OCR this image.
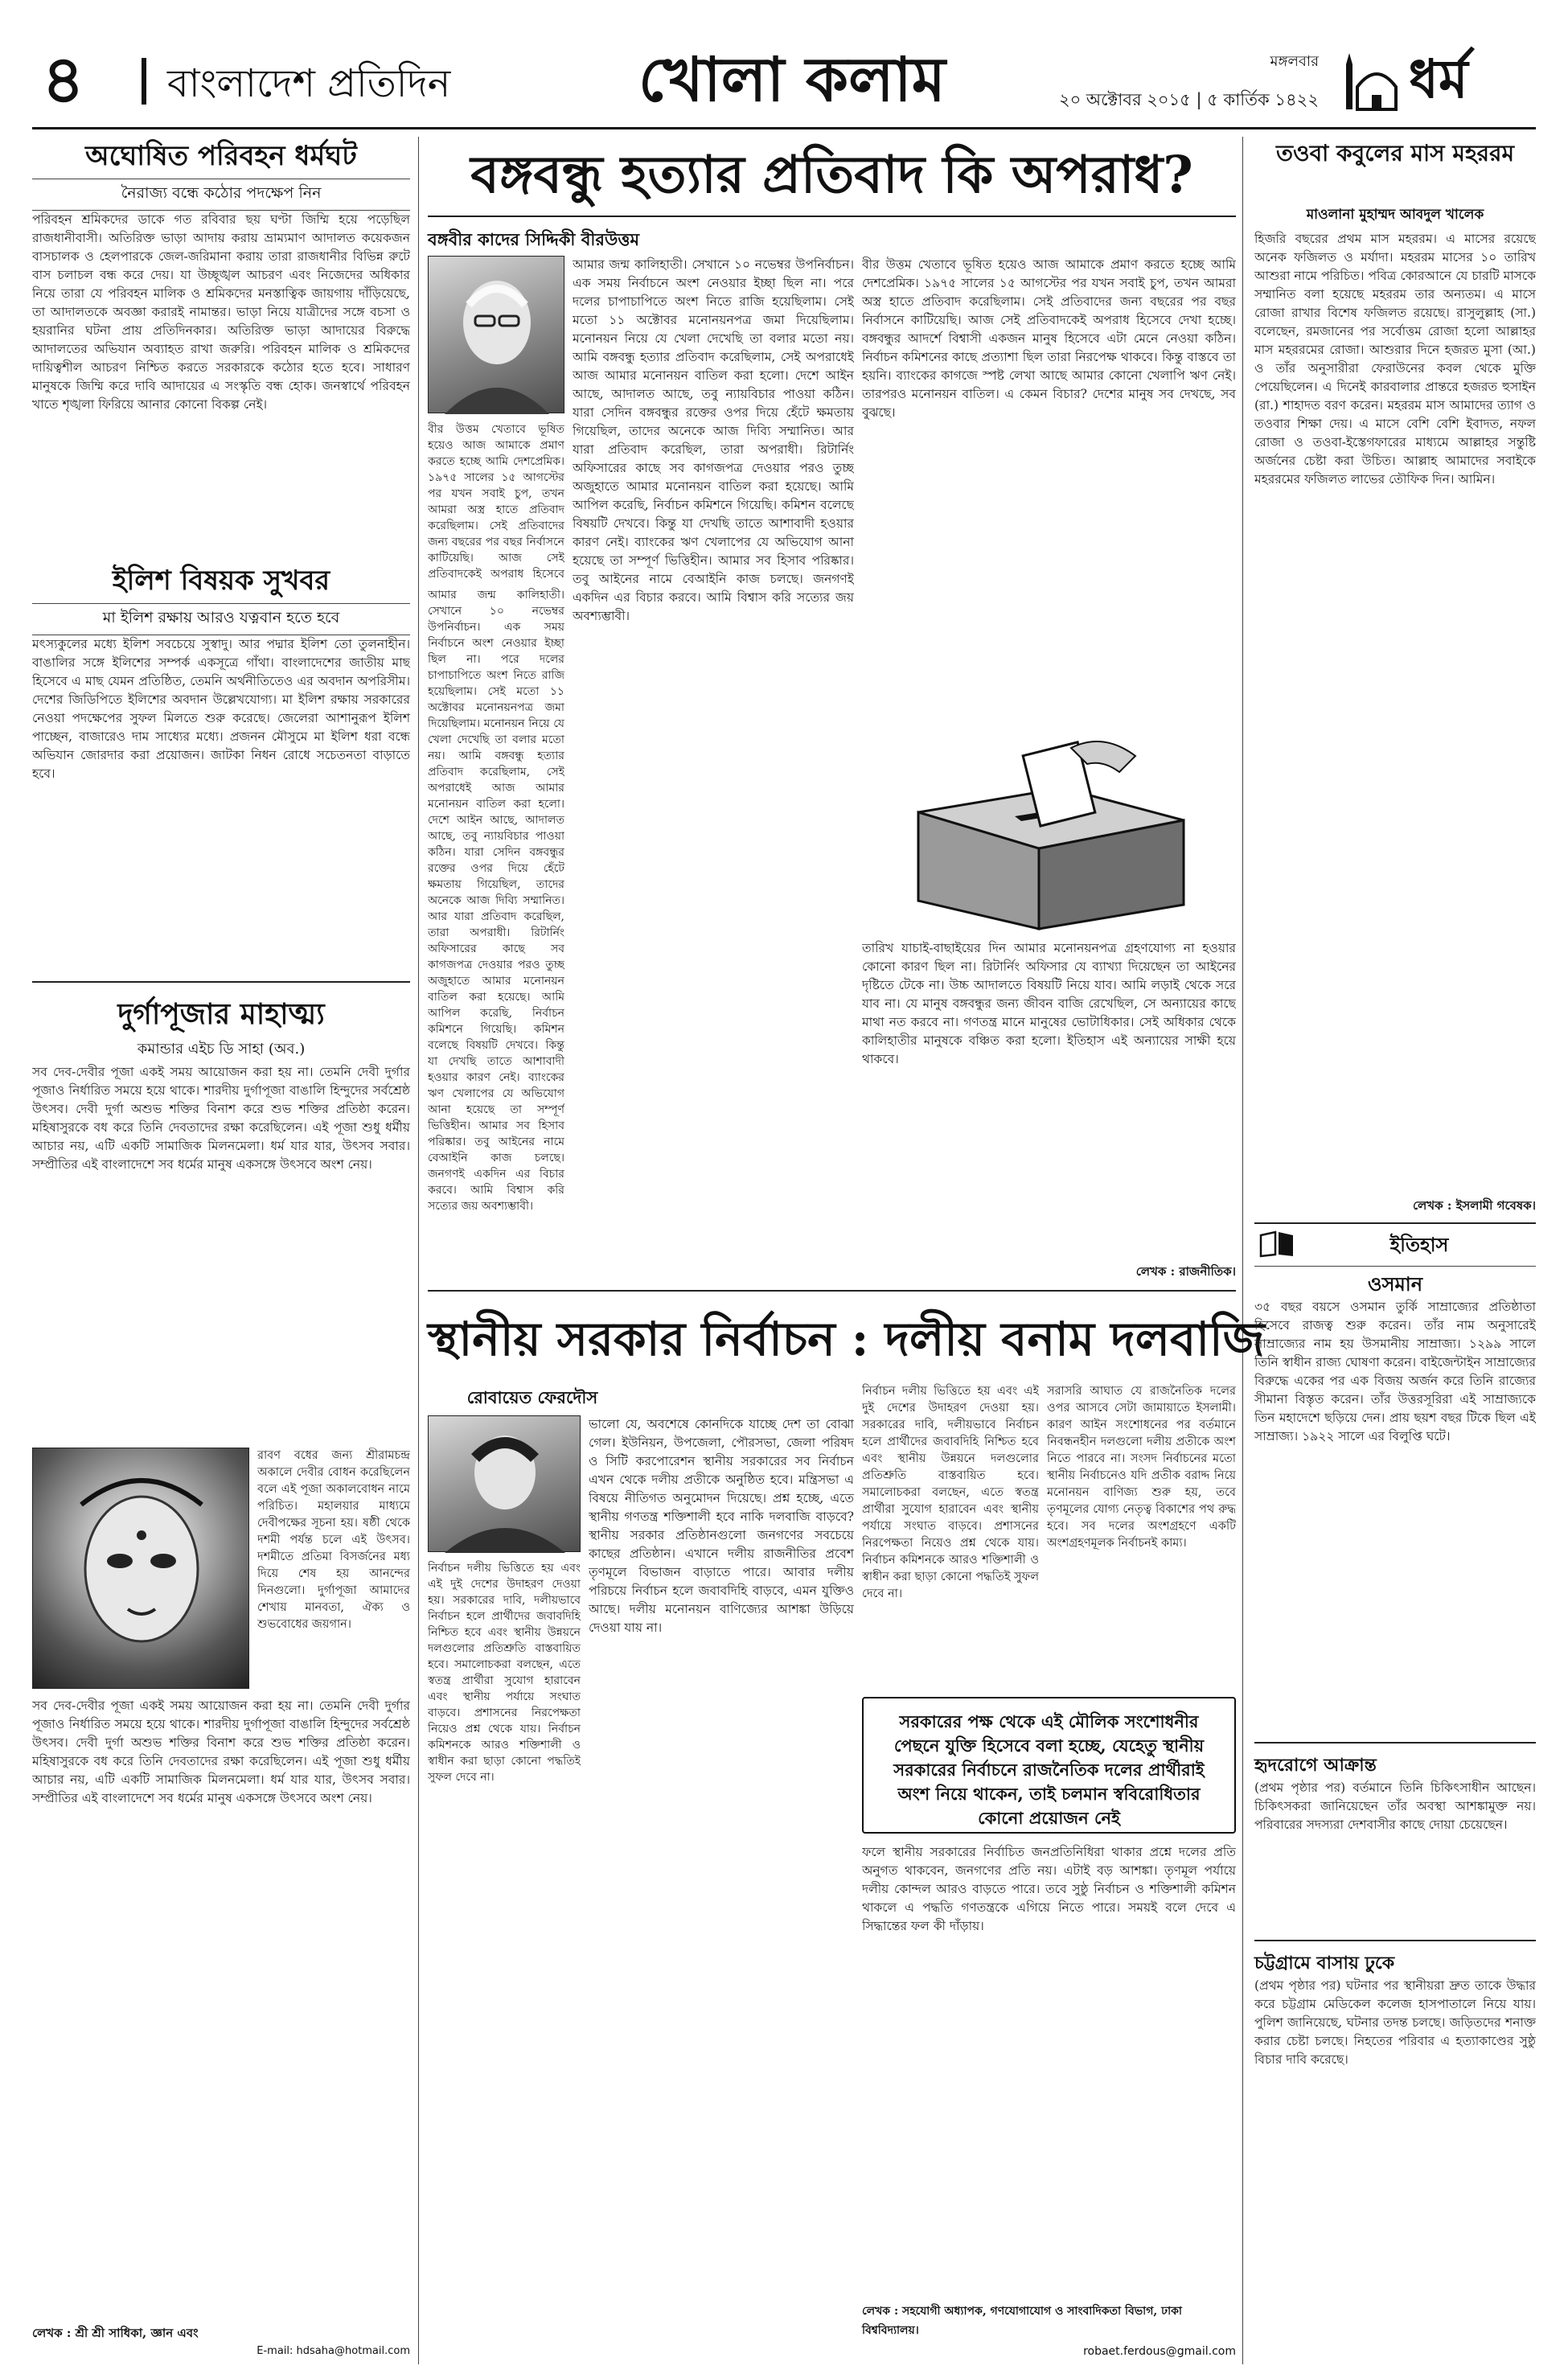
৪ বাংলাদেশ প্রতিদিন	খোলা কলাম	মঙ্গলবার
২০ অক্টোবর ২০১৫ | ৫ কার্তিক ১৪২২ ধর্ম
অঘোষিত পরিবহন ধর্মঘট
নৈরাজ্য বন্ধে কঠোর পদক্ষেপ নিন
পরিবহন শ্রমিকদের ডাকে গত রবিবার ছয় ঘণ্টা জিম্মি হয়ে পড়েছিল রাজধানীবাসী। অতিরিক্ত ভাড়া আদায় করায় ভ্রাম্যমাণ আদালত কয়েকজন বাসচালক ও হেলপারকে জেল-জরিমানা করায় তারা রাজধানীর বিভিন্ন রুটে বাস চলাচল বন্ধ করে দেয়। যা উচ্ছৃঙ্খল আচরণ এবং নিজেদের অধিকার নিয়ে তারা যে পরিবহন মালিক ও শ্রমিকদের মনস্তাত্বিক জায়গায় দাঁড়িয়েছে, তা আদালতকে অবজ্ঞা করারই নামান্তর। ভাড়া নিয়ে যাত্রীদের সঙ্গে বচসা ও হয়রানির ঘটনা প্রায় প্রতিদিনকার। অতিরিক্ত ভাড়া আদায়ের বিরুদ্ধে আদালতের অভিযান অব্যাহত রাখা জরুরি। পরিবহন মালিক ও শ্রমিকদের দায়িত্বশীল আচরণ নিশ্চিত করতে সরকারকে কঠোর হতে হবে। সাধারণ মানুষকে জিম্মি করে দাবি আদায়ের এ সংস্কৃতি বন্ধ হোক। জনস্বার্থে পরিবহন খাতে শৃঙ্খলা ফিরিয়ে আনার কোনো বিকল্প নেই।
ইলিশ বিষয়ক সুখবর
মা ইলিশ রক্ষায় আরও যত্নবান হতে হবে
মৎস্যকুলের মধ্যে ইলিশ সবচেয়ে সুস্বাদু। আর পদ্মার ইলিশ তো তুলনাহীন। বাঙালির সঙ্গে ইলিশের সম্পর্ক একসূত্রে গাঁথা। বাংলাদেশের জাতীয় মাছ হিসেবে এ মাছ যেমন প্রতিষ্ঠিত, তেমনি অর্থনীতিতেও এর অবদান অপরিসীম। দেশের জিডিপিতে ইলিশের অবদান উল্লেখযোগ্য। মা ইলিশ রক্ষায় সরকারের নেওয়া পদক্ষেপের সুফল মিলতে শুরু করেছে। জেলেরা আশানুরূপ ইলিশ পাচ্ছেন, বাজারেও দাম সাধ্যের মধ্যে। প্রজনন মৌসুমে মা ইলিশ ধরা বন্ধে অভিযান জোরদার করা প্রয়োজন। জাটকা নিধন রোধে সচেতনতা বাড়াতে হবে।
দুর্গাপূজার মাহাত্ম্য
কমান্ডার এইচ ডি সাহা (অব.)
সব দেব-দেবীর পূজা একই সময় আয়োজন করা হয় না। তেমনি দেবী দুর্গার পূজাও নির্ধারিত সময়ে হয়ে থাকে। শারদীয় দুর্গাপূজা বাঙালি হিন্দুদের সর্বশ্রেষ্ঠ উৎসব। দেবী দুর্গা অশুভ শক্তির বিনাশ করে শুভ শক্তির প্রতিষ্ঠা করেন। মহিষাসুরকে বধ করে তিনি দেবতাদের রক্ষা করেছিলেন। এই পূজা শুধু ধর্মীয় আচার নয়, এটি একটি সামাজিক মিলনমেলা। ধর্ম যার যার, উৎসব সবার। সম্প্রীতির এই বাংলাদেশে সব ধর্মের মানুষ একসঙ্গে উৎসবে অংশ নেয়।
রাবণ বধের জন্য শ্রীরামচন্দ্র অকালে দেবীর বোধন করেছিলেন বলে এই পূজা অকালবোধন নামে পরিচিত। মহালয়ার মাধ্যমে দেবীপক্ষের সূচনা হয়। ষষ্ঠী থেকে দশমী পর্যন্ত চলে এই উৎসব। দশমীতে প্রতিমা বিসর্জনের মধ্য দিয়ে শেষ হয় আনন্দের দিনগুলো। দুর্গাপূজা আমাদের শেখায় মানবতা, ঐক্য ও শুভবোধের জয়গান।
সব দেব-দেবীর পূজা একই সময় আয়োজন করা হয় না। তেমনি দেবী দুর্গার পূজাও নির্ধারিত সময়ে হয়ে থাকে। শারদীয় দুর্গাপূজা বাঙালি হিন্দুদের সর্বশ্রেষ্ঠ উৎসব। দেবী দুর্গা অশুভ শক্তির বিনাশ করে শুভ শক্তির প্রতিষ্ঠা করেন। মহিষাসুরকে বধ করে তিনি দেবতাদের রক্ষা করেছিলেন। এই পূজা শুধু ধর্মীয় আচার নয়, এটি একটি সামাজিক মিলনমেলা। ধর্ম যার যার, উৎসব সবার। সম্প্রীতির এই বাংলাদেশে সব ধর্মের মানুষ একসঙ্গে উৎসবে অংশ নেয়।
লেখক : শ্রী শ্রী সাধিকা, জ্ঞান এবং
E-mail: hdsaha@hotmail.com
বঙ্গবন্ধু হত্যার প্রতিবাদ কি অপরাধ?
বঙ্গবীর কাদের সিদ্দিকী বীরউত্তম
আমার জন্ম কালিহাতী। সেখানে ১০ নভেম্বর উপনির্বাচন। এক সময় নির্বাচনে অংশ নেওয়ার ইচ্ছা ছিল না। পরে দলের চাপাচাপিতে অংশ নিতে রাজি হয়েছিলাম। সেই মতো ১১ অক্টোবর মনোনয়নপত্র জমা দিয়েছিলাম। মনোনয়ন নিয়ে যে খেলা দেখেছি তা বলার মতো নয়। আমি বঙ্গবন্ধু হত্যার প্রতিবাদ করেছিলাম, সেই অপরাধেই আজ আমার মনোনয়ন বাতিল করা হলো। দেশে আইন আছে, আদালত আছে, তবু ন্যায়বিচার পাওয়া কঠিন। যারা সেদিন বঙ্গবন্ধুর রক্তের ওপর দিয়ে হেঁটে ক্ষমতায় গিয়েছিল, তাদের অনেকে আজ দিব্যি সম্মানিত। আর যারা প্রতিবাদ করেছিল, তারা অপরাধী। রিটার্নিং অফিসারের কাছে সব কাগজপত্র দেওয়ার পরও তুচ্ছ অজুহাতে আমার মনোনয়ন বাতিল করা হয়েছে। আমি আপিল করেছি, নির্বাচন কমিশনে গিয়েছি। কমিশন বলেছে বিষয়টি দেখবে। কিন্তু যা দেখছি তাতে আশাবাদী হওয়ার কারণ নেই। ব্যাংকের ঋণ খেলাপের যে অভিযোগ আনা হয়েছে তা সম্পূর্ণ ভিত্তিহীন। আমার সব হিসাব পরিষ্কার। তবু আইনের নামে বেআইনি কাজ চলছে। জনগণই একদিন এর বিচার করবে। আমি বিশ্বাস করি সত্যের জয় অবশ্যম্ভাবী।
বীর উত্তম খেতাবে ভূষিত হয়েও আজ আমাকে প্রমাণ করতে হচ্ছে আমি দেশপ্রেমিক। ১৯৭৫ সালের ১৫ আগস্টের পর যখন সবাই চুপ, তখন আমরা অস্ত্র হাতে প্রতিবাদ করেছিলাম। সেই প্রতিবাদের জন্য বছরের পর বছর নির্বাসনে কাটিয়েছি। আজ সেই প্রতিবাদকেই অপরাধ হিসেবে
বীর উত্তম খেতাবে ভূষিত হয়েও আজ আমাকে প্রমাণ করতে হচ্ছে আমি দেশপ্রেমিক। ১৯৭৫ সালের ১৫ আগস্টের পর যখন সবাই চুপ, তখন আমরা অস্ত্র হাতে প্রতিবাদ করেছিলাম। সেই প্রতিবাদের জন্য বছরের পর বছর নির্বাসনে কাটিয়েছি। আজ সেই প্রতিবাদকেই অপরাধ হিসেবে দেখা হচ্ছে। বঙ্গবন্ধুর আদর্শে বিশ্বাসী একজন মানুষ হিসেবে এটা মেনে নেওয়া কঠিন। নির্বাচন কমিশনের কাছে প্রত্যাশা ছিল তারা নিরপেক্ষ থাকবে। কিন্তু বাস্তবে তা হয়নি। ব্যাংকের কাগজে স্পষ্ট লেখা আছে আমার কোনো খেলাপি ঋণ নেই। তারপরও মনোনয়ন বাতিল। এ কেমন বিচার? দেশের মানুষ সব দেখছে, সব বুঝছে।
তারিখ যাচাই-বাছাইয়ের দিন আমার মনোনয়নপত্র গ্রহণযোগ্য না হওয়ার কোনো কারণ ছিল না। রিটার্নিং অফিসার যে ব্যাখ্যা দিয়েছেন তা আইনের দৃষ্টিতে টেকে না। উচ্চ আদালতে বিষয়টি নিয়ে যাব। আমি লড়াই থেকে সরে যাব না। যে মানুষ বঙ্গবন্ধুর জন্য জীবন বাজি রেখেছিল, সে অন্যায়ের কাছে মাথা নত করবে না। গণতন্ত্র মানে মানুষের ভোটাধিকার। সেই অধিকার থেকে কালিহাতীর মানুষকে বঞ্চিত করা হলো। ইতিহাস এই অন্যায়ের সাক্ষী হয়ে থাকবে।
আমার জন্ম কালিহাতী। সেখানে ১০ নভেম্বর উপনির্বাচন। এক সময় নির্বাচনে অংশ নেওয়ার ইচ্ছা ছিল না। পরে দলের চাপাচাপিতে অংশ নিতে রাজি হয়েছিলাম। সেই মতো ১১ অক্টোবর মনোনয়নপত্র জমা দিয়েছিলাম। মনোনয়ন নিয়ে যে খেলা দেখেছি তা বলার মতো নয়। আমি বঙ্গবন্ধু হত্যার প্রতিবাদ করেছিলাম, সেই অপরাধেই আজ আমার মনোনয়ন বাতিল করা হলো। দেশে আইন আছে, আদালত আছে, তবু ন্যায়বিচার পাওয়া কঠিন। যারা সেদিন বঙ্গবন্ধুর রক্তের ওপর দিয়ে হেঁটে ক্ষমতায় গিয়েছিল, তাদের অনেকে আজ দিব্যি সম্মানিত। আর যারা প্রতিবাদ করেছিল, তারা অপরাধী। রিটার্নিং অফিসারের কাছে সব কাগজপত্র দেওয়ার পরও তুচ্ছ অজুহাতে আমার মনোনয়ন বাতিল করা হয়েছে। আমি আপিল করেছি, নির্বাচন কমিশনে গিয়েছি। কমিশন বলেছে বিষয়টি দেখবে। কিন্তু যা দেখছি তাতে আশাবাদী হওয়ার কারণ নেই। ব্যাংকের ঋণ খেলাপের যে অভিযোগ আনা হয়েছে তা সম্পূর্ণ ভিত্তিহীন। আমার সব হিসাব পরিষ্কার। তবু আইনের নামে বেআইনি কাজ চলছে। জনগণই একদিন এর বিচার করবে। আমি বিশ্বাস করি সত্যের জয় অবশ্যম্ভাবী।
লেখক : রাজনীতিক।
স্থানীয় সরকার নির্বাচন : দলীয় বনাম দলবাজি
রোবায়েত ফেরদৌস
ভালো যে, অবশেষে কোনদিকে যাচ্ছে দেশ তা বোঝা গেল। ইউনিয়ন, উপজেলা, পৌরসভা, জেলা পরিষদ ও সিটি করপোরেশন স্থানীয় সরকারের সব নির্বাচন এখন থেকে দলীয় প্রতীকে অনুষ্ঠিত হবে। মন্ত্রিসভা এ বিষয়ে নীতিগত অনুমোদন দিয়েছে। প্রশ্ন হচ্ছে, এতে স্থানীয় গণতন্ত্র শক্তিশালী হবে নাকি দলবাজি বাড়বে? স্থানীয় সরকার প্রতিষ্ঠানগুলো জনগণের সবচেয়ে কাছের প্রতিষ্ঠান। এখানে দলীয় রাজনীতির প্রবেশ তৃণমূলে বিভাজন বাড়াতে পারে। আবার দলীয় পরিচয়ে নির্বাচন হলে জবাবদিহি বাড়বে, এমন যুক্তিও আছে। দলীয় মনোনয়ন বাণিজ্যের আশঙ্কা উড়িয়ে দেওয়া যায় না।
নির্বাচন দলীয় ভিত্তিতে হয় এবং এই দুই দেশের উদাহরণ দেওয়া হয়। সরকারের দাবি, দলীয়ভাবে নির্বাচন হলে প্রার্থীদের জবাবদিহি নিশ্চিত হবে এবং স্থানীয় উন্নয়নে দলগুলোর প্রতিশ্রুতি বাস্তবায়িত হবে। সমালোচকরা বলছেন, এতে স্বতন্ত্র প্রার্থীরা সুযোগ হারাবেন এবং স্থানীয় পর্যায়ে সংঘাত বাড়বে। প্রশাসনের নিরপেক্ষতা নিয়েও প্রশ্ন থেকে যায়। নির্বাচন কমিশনকে আরও শক্তিশালী ও স্বাধীন করা ছাড়া কোনো পদ্ধতিই সুফল দেবে না।
নির্বাচন দলীয় ভিত্তিতে হয় এবং এই দুই দেশের উদাহরণ দেওয়া হয়। সরকারের দাবি, দলীয়ভাবে নির্বাচন হলে প্রার্থীদের জবাবদিহি নিশ্চিত হবে এবং স্থানীয় উন্নয়নে দলগুলোর প্রতিশ্রুতি বাস্তবায়িত হবে। সমালোচকরা বলছেন, এতে স্বতন্ত্র প্রার্থীরা সুযোগ হারাবেন এবং স্থানীয় পর্যায়ে সংঘাত বাড়বে। প্রশাসনের নিরপেক্ষতা নিয়েও প্রশ্ন থেকে যায়। নির্বাচন কমিশনকে আরও শক্তিশালী ও স্বাধীন করা ছাড়া কোনো পদ্ধতিই সুফল দেবে না।
সরাসরি আঘাত যে রাজনৈতিক দলের ওপর আসবে সেটা জামায়াতে ইসলামী। কারণ আইন সংশোধনের পর বর্তমানে নিবন্ধনহীন দলগুলো দলীয় প্রতীকে অংশ নিতে পারবে না। সংসদ নির্বাচনের মতো স্থানীয় নির্বাচনেও যদি প্রতীক বরাদ্দ নিয়ে মনোনয়ন বাণিজ্য শুরু হয়, তবে তৃণমূলের যোগ্য নেতৃত্ব বিকাশের পথ রুদ্ধ হবে। সব দলের অংশগ্রহণে একটি অংশগ্রহণমূলক নির্বাচনই কাম্য।
সরকারের পক্ষ থেকে এই মৌলিক সংশোধনীর পেছনে যুক্তি হিসেবে বলা হচ্ছে, যেহেতু স্থানীয় সরকারের নির্বাচনে রাজনৈতিক দলের প্রার্থীরাই অংশ নিয়ে থাকেন, তাই চলমান স্ববিরোধিতার কোনো প্রয়োজন নেই
ফলে স্থানীয় সরকারের নির্বাচিত জনপ্রতিনিধিরা থাকার প্রশ্নে দলের প্রতি অনুগত থাকবেন, জনগণের প্রতি নয়। এটাই বড় আশঙ্কা। তৃণমূল পর্যায়ে দলীয় কোন্দল আরও বাড়তে পারে। তবে সুষ্ঠু নির্বাচন ও শক্তিশালী কমিশন থাকলে এ পদ্ধতি গণতন্ত্রকে এগিয়ে নিতে পারে। সময়ই বলে দেবে এ সিদ্ধান্তের ফল কী দাঁড়ায়।
লেখক : সহযোগী অধ্যাপক, গণযোগাযোগ ও সাংবাদিকতা বিভাগ, ঢাকা বিশ্ববিদ্যালয়।
robaet.ferdous@gmail.com
তওবা কবুলের মাস মহররম
মাওলানা মুহাম্মদ আবদুল খালেক
হিজরি বছরের প্রথম মাস মহররম। এ মাসের রয়েছে অনেক ফজিলত ও মর্যাদা। মহররম মাসের ১০ তারিখ আশুরা নামে পরিচিত। পবিত্র কোরআনে যে চারটি মাসকে সম্মানিত বলা হয়েছে মহররম তার অন্যতম। এ মাসে রোজা রাখার বিশেষ ফজিলত রয়েছে। রাসুলুল্লাহ (সা.) বলেছেন, রমজানের পর সর্বোত্তম রোজা হলো আল্লাহর মাস মহররমের রোজা। আশুরার দিনে হজরত মুসা (আ.) ও তাঁর অনুসারীরা ফেরাউনের কবল থেকে মুক্তি পেয়েছিলেন। এ দিনেই কারবালার প্রান্তরে হজরত হুসাইন (রা.) শাহাদত বরণ করেন। মহররম মাস আমাদের ত্যাগ ও তওবার শিক্ষা দেয়। এ মাসে বেশি বেশি ইবাদত, নফল রোজা ও তওবা-ইস্তেগফারের মাধ্যমে আল্লাহর সন্তুষ্টি অর্জনের চেষ্টা করা উচিত। আল্লাহ আমাদের সবাইকে মহররমের ফজিলত লাভের তৌফিক দিন। আমিন।
লেখক : ইসলামী গবেষক।
ইতিহাস
ওসমান
৩৫ বছর বয়সে ওসমান তুর্কি সাম্রাজ্যের প্রতিষ্ঠাতা হিসেবে রাজত্ব শুরু করেন। তাঁর নাম অনুসারেই সাম্রাজ্যের নাম হয় উসমানীয় সাম্রাজ্য। ১২৯৯ সালে তিনি স্বাধীন রাজ্য ঘোষণা করেন। বাইজেন্টাইন সাম্রাজ্যের বিরুদ্ধে একের পর এক বিজয় অর্জন করে তিনি রাজ্যের সীমানা বিস্তৃত করেন। তাঁর উত্তরসূরিরা এই সাম্রাজ্যকে তিন মহাদেশে ছড়িয়ে দেন। প্রায় ছয়শ বছর টিকে ছিল এই সাম্রাজ্য। ১৯২২ সালে এর বিলুপ্তি ঘটে।
হৃদরোগে আক্রান্ত
(প্রথম পৃষ্ঠার পর) বর্তমানে তিনি চিকিৎসাধীন আছেন। চিকিৎসকরা জানিয়েছেন তাঁর অবস্থা আশঙ্কামুক্ত নয়। পরিবারের সদস্যরা দেশবাসীর কাছে দোয়া চেয়েছেন।
চট্টগ্রামে বাসায় ঢুকে
(প্রথম পৃষ্ঠার পর) ঘটনার পর স্থানীয়রা দ্রুত তাকে উদ্ধার করে চট্টগ্রাম মেডিকেল কলেজ হাসপাতালে নিয়ে যায়। পুলিশ জানিয়েছে, ঘটনার তদন্ত চলছে। জড়িতদের শনাক্ত করার চেষ্টা চলছে। নিহতের পরিবার এ হত্যাকাণ্ডের সুষ্ঠু বিচার দাবি করেছে।
